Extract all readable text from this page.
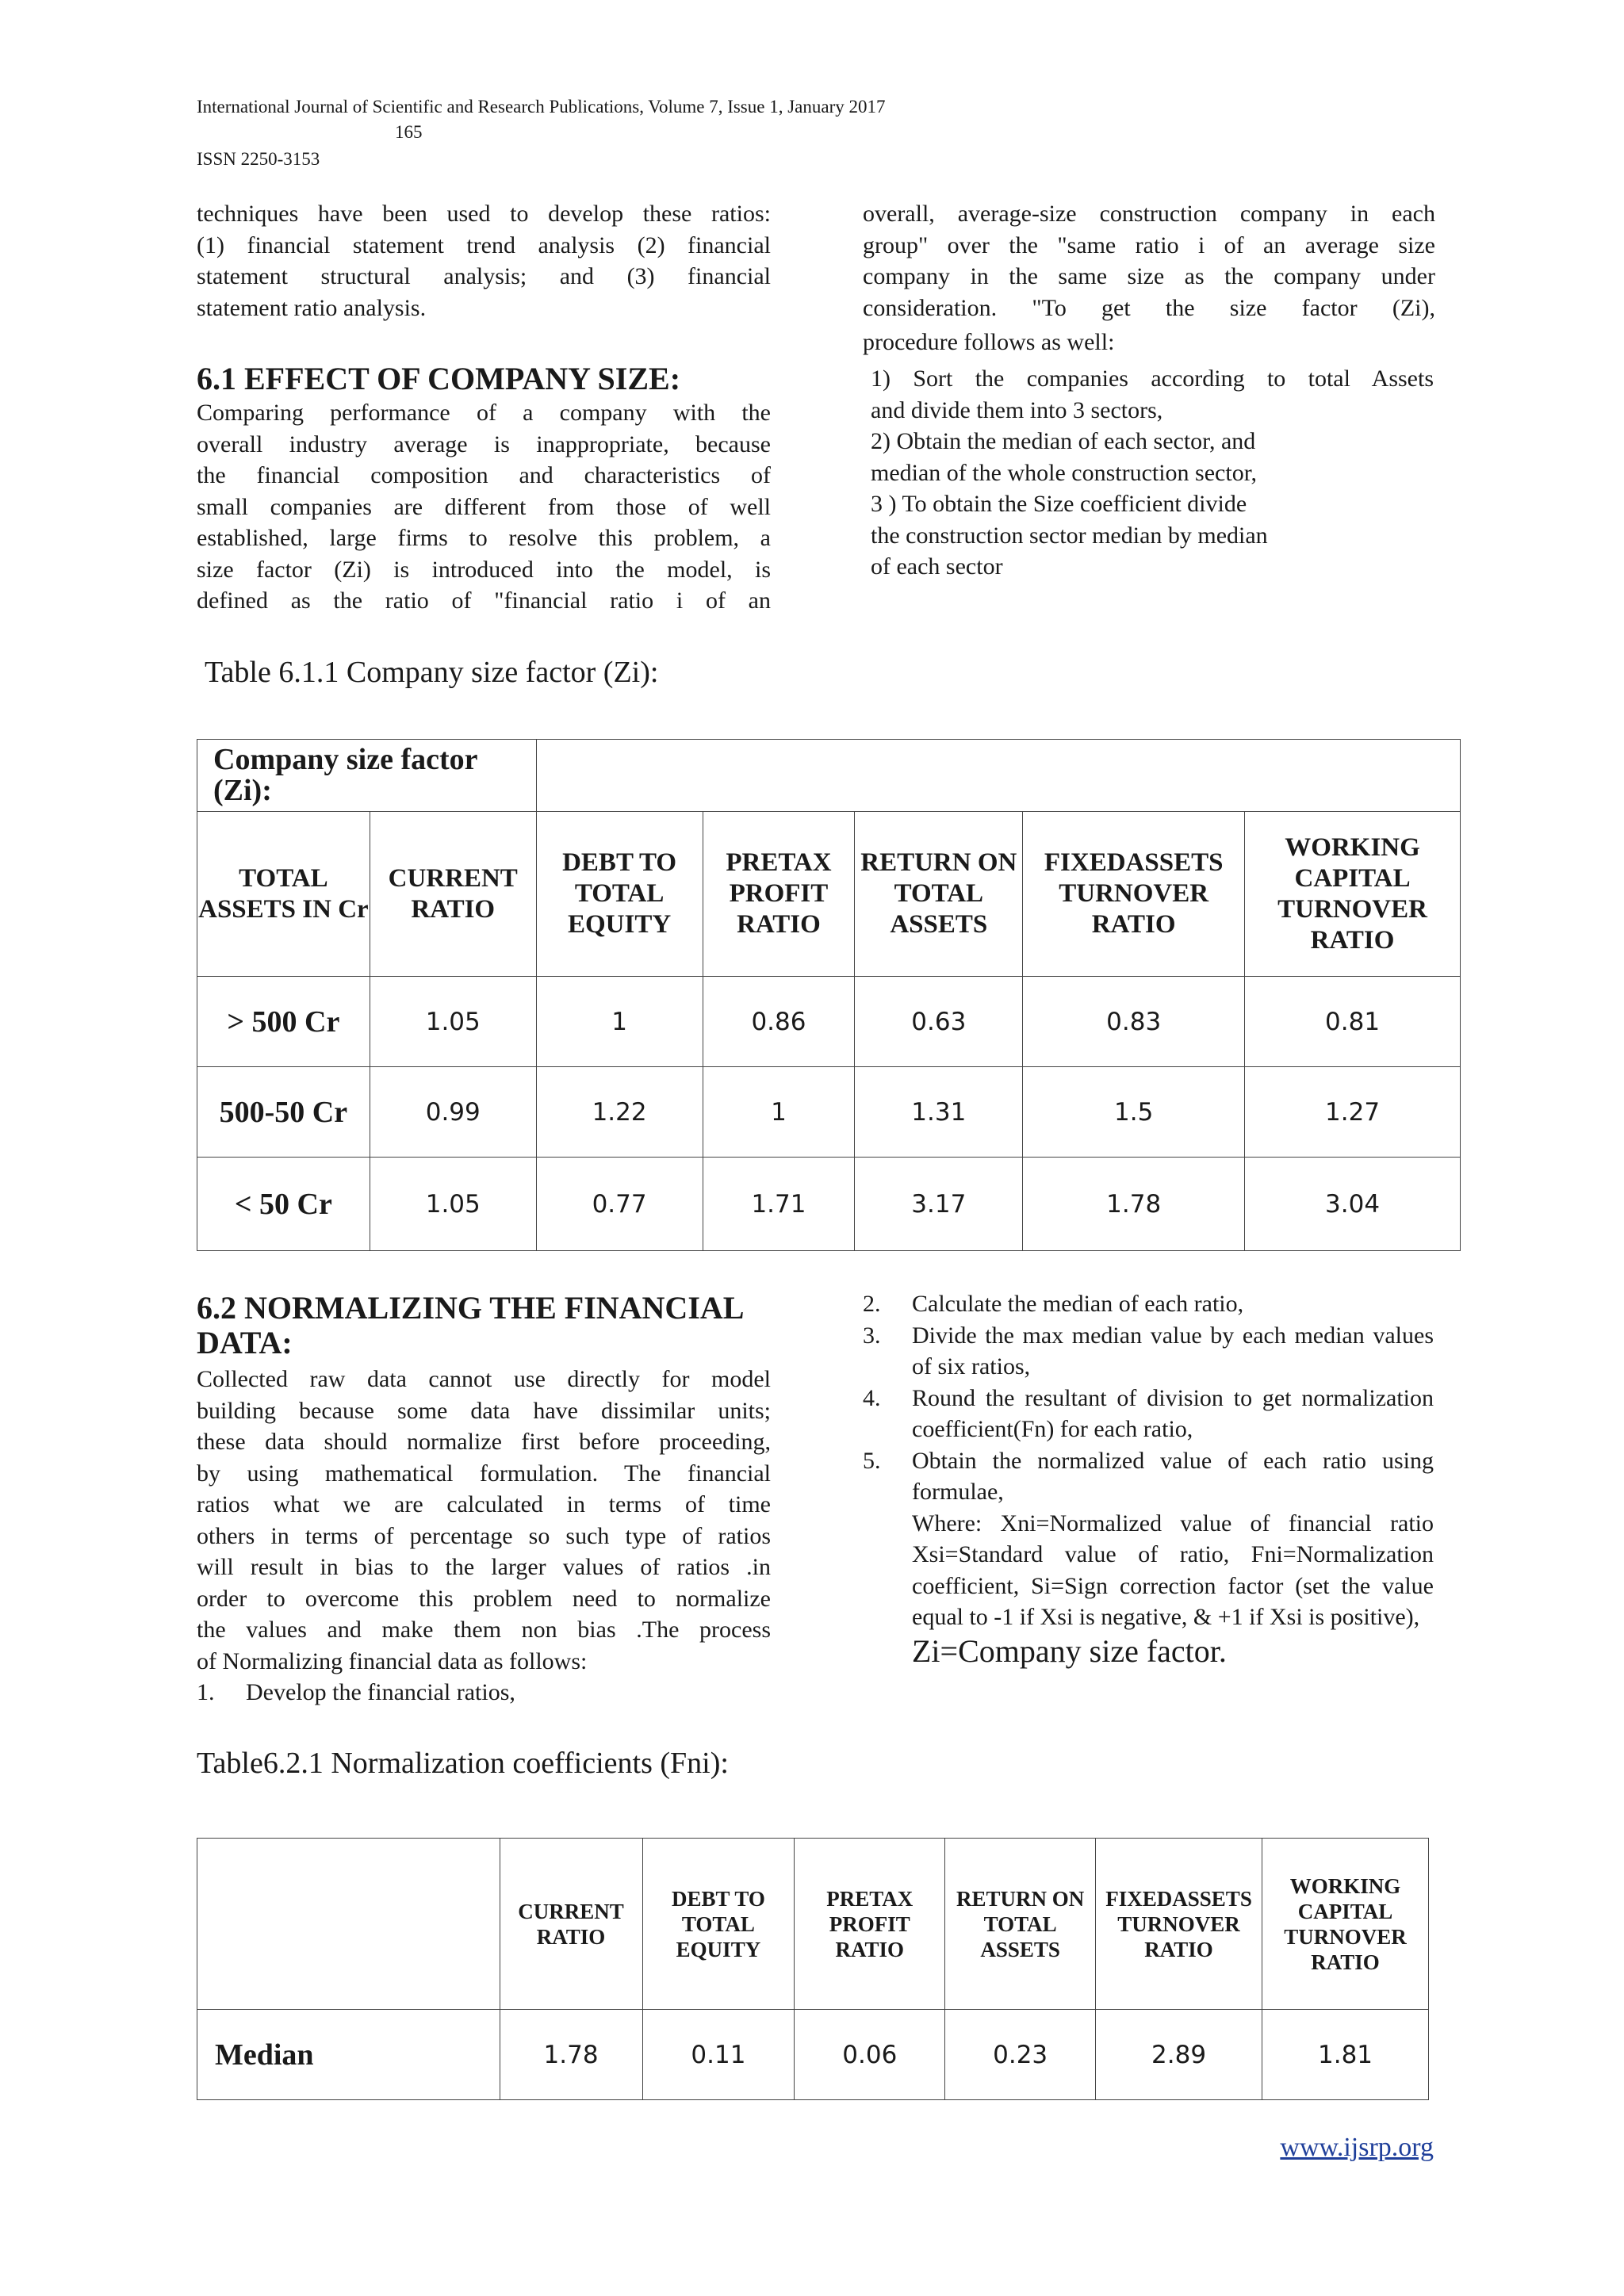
International Journal of Scientific and Research Publications, Volume 7, Issue 1, January 2017
165
ISSN 2250-3153
techniques have been used to develop these ratios:
(1) financial statement trend analysis (2) financial
statement structural analysis; and (3) financial
statement ratio analysis.
6.1 EFFECT OF COMPANY SIZE:
Comparing performance of a company with the
overall industry average is inappropriate, because
the financial composition and characteristics of
small companies are different from those of well
established, large firms to resolve this problem, a
size factor (Zi) is introduced into the model, is
defined as the ratio of "financial ratio i of an
overall, average-size construction company in each
group" over the "same ratio i of an average size
company in the same size as the company under
consideration. "To get the size factor (Zi),
procedure follows as well:
1) Sort the companies according to total Assets
and divide them into 3 sectors,
2) Obtain the median of each sector, and
median of the whole construction sector,
3 ) To obtain the Size coefficient divide
the construction sector median by median
of each sector
Table 6.1.1 Company size factor (Zi):
Company size factor (Zi):						
TOTAL ASSETS IN Cr	CURRENT RATIO	DEBT TO TOTAL EQUITY	PRETAX PROFIT RATIO	RETURN ON TOTAL ASSETS	FIXEDASSETS TURNOVER RATIO	WORKING CAPITAL TURNOVER RATIO
> 500 Cr	1.05	1	0.86	0.63	0.83	0.81
500-50 Cr	0.99	1.22	1	1.31	1.5	1.27
< 50 Cr	1.05	0.77	1.71	3.17	1.78	3.04
6.2 NORMALIZING THE FINANCIAL DATA:
Collected raw data cannot use directly for model
building because some data have dissimilar units;
these data should normalize first before proceeding,
by using mathematical formulation. The financial
ratios what we are calculated in terms of time
others in terms of percentage so such type of ratios
will result in bias to the larger values of ratios .in
order to overcome this problem need to normalize
the values and make them non bias .The process
of Normalizing financial data as follows:
1. Develop the financial ratios,
2. Calculate the median of each ratio,

3. Divide the max median value by each median values of six ratios,

4. Round the resultant of division to get normalization coefficient(Fn) for each ratio,

5. Obtain the normalized value of each ratio using formulae,

Where: Xni=Normalized value of financial ratio Xsi=Standard value of ratio, Fni=Normalization coefficient, Si=Sign correction factor (set the value equal to -1 if Xsi is negative, & +1 if Xsi is positive),

Zi=Company size factor.

Table6.2.1 Normalization coefficients (Fni):
	CURRENT RATIO	DEBT TO TOTAL EQUITY	PRETAX PROFIT RATIO	RETURN ON TOTAL ASSETS	FIXEDASSETS TURNOVER RATIO	WORKING CAPITAL TURNOVER RATIO
Median	1.78	0.11	0.06	0.23	2.89	1.81
www.ijsrp.org
